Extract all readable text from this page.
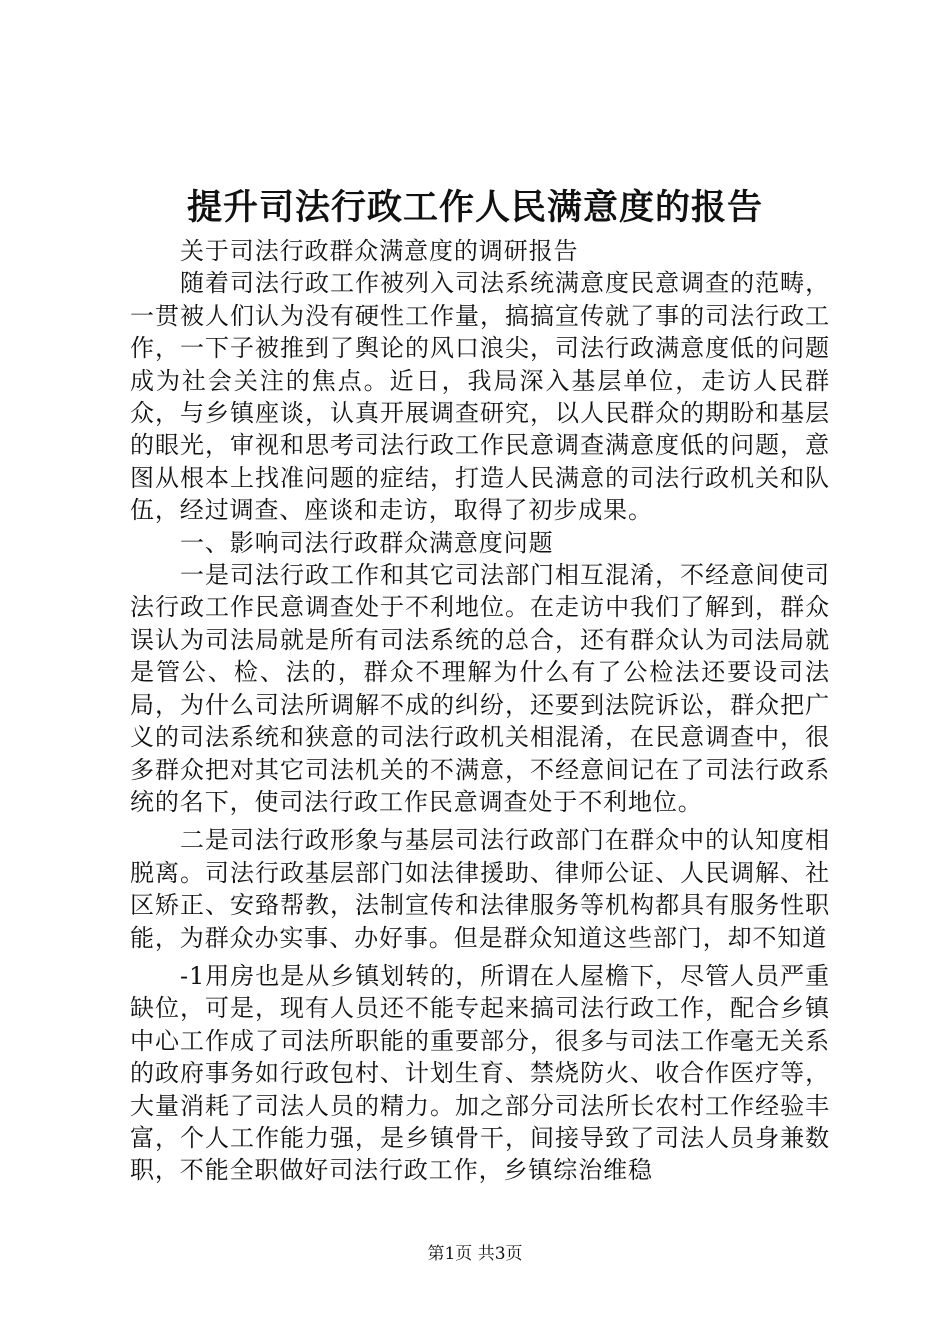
提升司法行政工作人民满意度的报告

关于司法行政群众满意度的调研报告

随着司法行政工作被列入司法系统满意度民意调查的范畴，一贯被人们认为没有硬性工作量，搞搞宣传就了事的司法行政工作，一下子被推到了舆论的风口浪尖，司法行政满意度低的问题成为社会关注的焦点。近日，我局深入基层单位，走访人民群众，与乡镇座谈，认真开展调查研究，以人民群众的期盼和基层的眼光，审视和思考司法行政工作民意调查满意度低的问题，意图从根本上找准问题的症结，打造人民满意的司法行政机关和队伍，经过调查、座谈和走访，取得了初步成果。

一、影响司法行政群众满意度问题

一是司法行政工作和其它司法部门相互混淆，不经意间使司法行政工作民意调查处于不利地位。在走访中我们了解到，群众误认为司法局就是所有司法系统的总合，还有群众认为司法局就是管公、检、法的，群众不理解为什么有了公检法还要设司法局，为什么司法所调解不成的纠纷，还要到法院诉讼，群众把广义的司法系统和狭意的司法行政机关相混淆，在民意调查中，很多群众把对其它司法机关的不满意，不经意间记在了司法行政系统的名下，使司法行政工作民意调查处于不利地位。

二是司法行政形象与基层司法行政部门在群众中的认知度相脱离。司法行政基层部门如法律援助、律师公证、人民调解、社区矫正、安臵帮教，法制宣传和法律服务等机构都具有服务性职能，为群众办实事、办好事。但是群众知道这些部门，却不知道

-1用房也是从乡镇划转的，所谓在人屋檐下，尽管人员严重缺位，可是，现有人员还不能专起来搞司法行政工作，配合乡镇中心工作成了司法所职能的重要部分，很多与司法工作毫无关系的政府事务如行政包村、计划生育、禁烧防火、收合作医疗等，大量消耗了司法人员的精力。加之部分司法所长农村工作经验丰富，个人工作能力强，是乡镇骨干，间接导致了司法人员身兼数职，不能全职做好司法行政工作，乡镇综治维稳

第1页 共3页
